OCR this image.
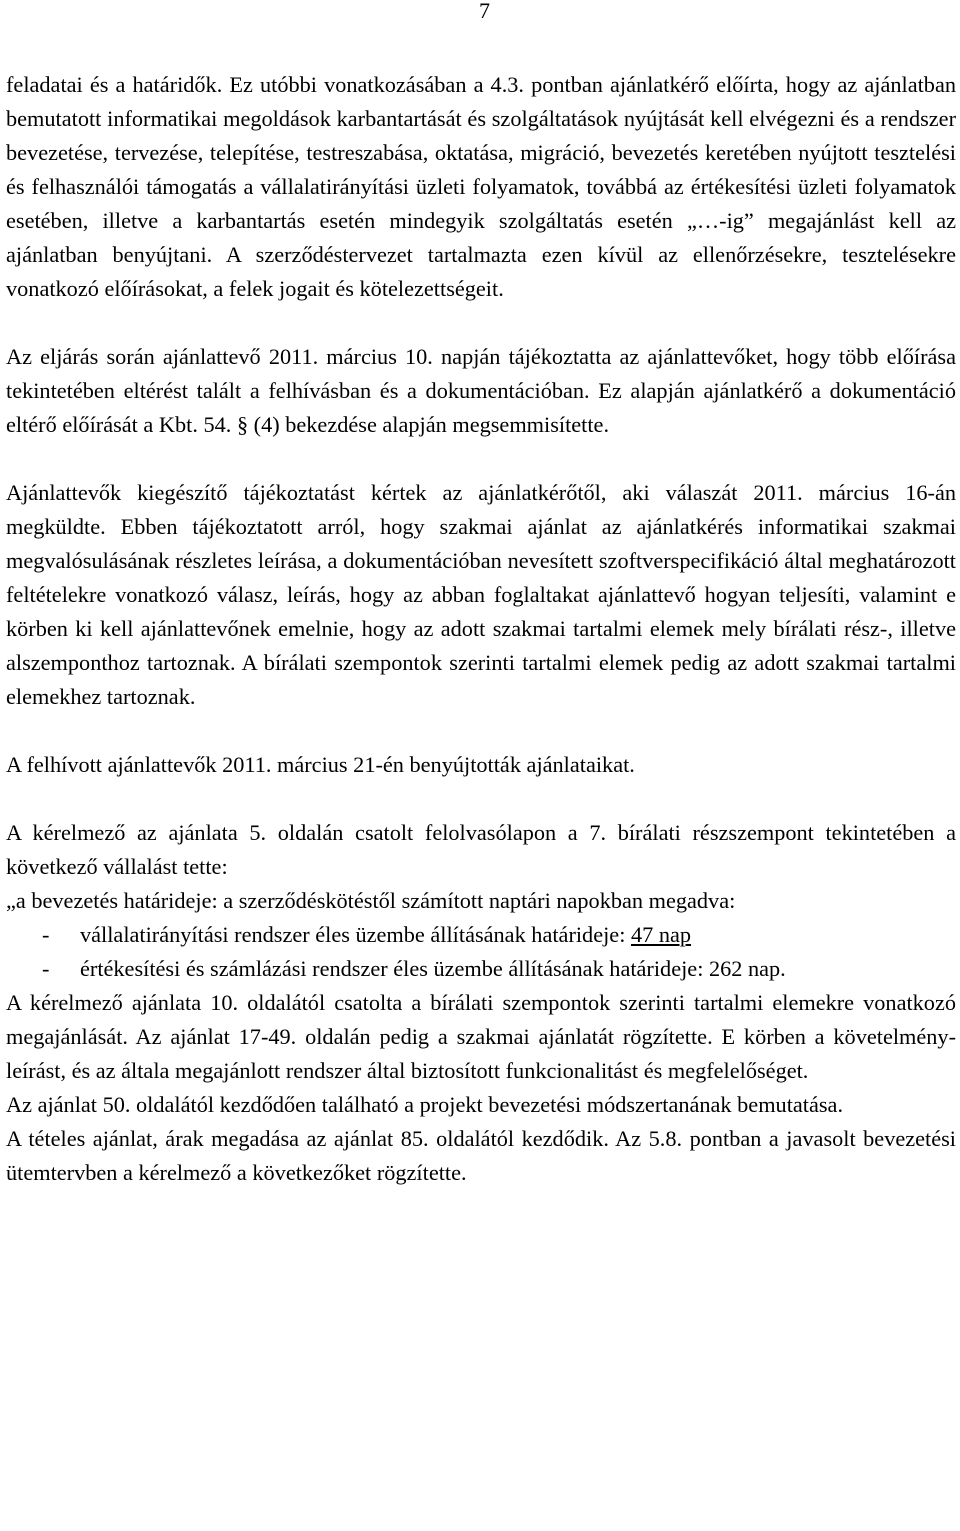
7

feladatai és a határidők. Ez utóbbi vonatkozásában a 4.3. pontban ajánlatkérő előírta, hogy az ajánlatban bemutatott informatikai megoldások karbantartását és szolgáltatások nyújtását kell elvégezni és a rendszer bevezetése, tervezése, telepítése, testreszabása, oktatása, migráció, bevezetés keretében nyújtott tesztelési és felhasználói támogatás a vállalatirányítási üzleti folyamatok, továbbá az értékesítési üzleti folyamatok esetében, illetve a karbantartás esetén mindegyik szolgáltatás esetén „…-ig” megajánlást kell az ajánlatban benyújtani. A szerződéstervezet tartalmazta ezen kívül az ellenőrzésekre, tesztelésekre vonatkozó előírásokat, a felek jogait és kötelezettségeit.

Az eljárás során ajánlattevő 2011. március 10. napján tájékoztatta az ajánlattevőket, hogy több előírása tekintetében eltérést talált a felhívásban és a dokumentációban. Ez alapján ajánlatkérő a dokumentáció eltérő előírását a Kbt. 54. § (4) bekezdése alapján megsemmisítette.

Ajánlattevők kiegészítő tájékoztatást kértek az ajánlatkérőtől, aki válaszát 2011. március 16-án megküldte. Ebben tájékoztatott arról, hogy szakmai ajánlat az ajánlatkérés informatikai szakmai megvalósulásának részletes leírása, a dokumentációban nevesített szoftverspecifikáció által meghatározott feltételekre vonatkozó válasz, leírás, hogy az abban foglaltakat ajánlattevő hogyan teljesíti, valamint e körben ki kell ajánlattevőnek emelnie, hogy az adott szakmai tartalmi elemek mely bírálati rész-, illetve alszemponthoz tartoznak. A bírálati szempontok szerinti tartalmi elemek pedig az adott szakmai tartalmi elemekhez tartoznak.

A felhívott ajánlattevők 2011. március 21-én benyújtották ajánlataikat.

A kérelmező az ajánlata 5. oldalán csatolt felolvasólapon a 7. bírálati részszempont tekintetében a következő vállalást tette:

„a bevezetés határideje: a szerződéskötéstől számított naptári napokban megadva:

- vállalatirányítási rendszer éles üzembe állításának határideje: 47 nap
- értékesítési és számlázási rendszer éles üzembe állításának határideje: 262 nap.

A kérelmező ajánlata 10. oldalától csatolta a bírálati szempontok szerinti tartalmi elemekre vonatkozó megajánlását. Az ajánlat 17-49. oldalán pedig a szakmai ajánlatát rögzítette. E körben a követelmény-leírást, és az általa megajánlott rendszer által biztosított funkcionalitást és megfelelőséget.

Az ajánlat 50. oldalától kezdődően található a projekt bevezetési módszertanának bemutatása.

A tételes ajánlat, árak megadása az ajánlat 85. oldalától kezdődik. Az 5.8. pontban a javasolt bevezetési ütemtervben a kérelmező a következőket rögzítette.
